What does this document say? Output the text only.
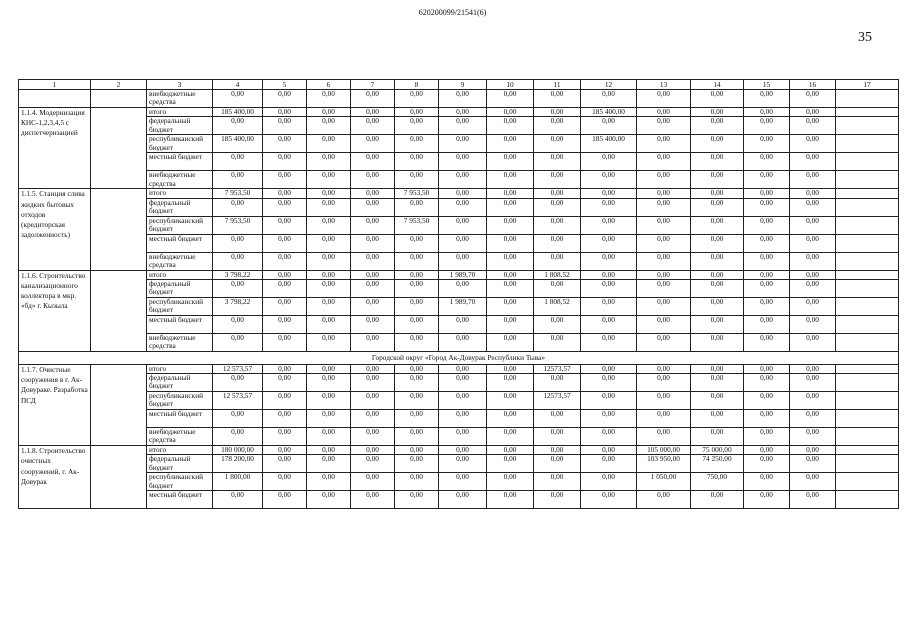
620200099/21541(6)
35
1	2	3	4	5	6	7	8	9	10	11	12	13	14	15	16	17
		внебюджетные средства	0,00	0,00	0,00	0,00	0,00	0,00	0,00	0,00	0,00	0,00	0,00	0,00	0,00	
1.1.4. Модернизация КНС-1,2,3,4,5 с диспетчеризацией		итого	185 400,00	0,00	0,00	0,00	0,00	0,00	0,00	0,00	185 400,00	0,00	0,00	0,00	0,00	
		федеральный бюджет	0,00	0,00	0,00	0,00	0,00	0,00	0,00	0,00	0,00	0,00	0,00	0,00	0,00	
		республиканский бюджет	185 400,00	0,00	0,00	0,00	0,00	0,00	0,00	0,00	185 400,00	0,00	0,00	0,00	0,00	
		местный бюджет	0,00	0,00	0,00	0,00	0,00	0,00	0,00	0,00	0,00	0,00	0,00	0,00	0,00	
		внебюджетные средства	0,00	0,00	0,00	0,00	0,00	0,00	0,00	0,00	0,00	0,00	0,00	0,00	0,00	
1.1.5. Станция слива жидких бытовых отходов (кредиторская задолженность)		итого	7 953,50	0,00	0,00	0,00	7 953,50	0,00	0,00	0,00	0,00	0,00	0,00	0,00	0,00	
		федеральный бюджет	0,00	0,00	0,00	0,00	0,00	0,00	0,00	0,00	0,00	0,00	0,00	0,00	0,00	
		республиканский бюджет	7 953,50	0,00	0,00	0,00	7 953,50	0,00	0,00	0,00	0,00	0,00	0,00	0,00	0,00	
		местный бюджет	0,00	0,00	0,00	0,00	0,00	0,00	0,00	0,00	0,00	0,00	0,00	0,00	0,00	
		внебюджетные средства	0,00	0,00	0,00	0,00	0,00	0,00	0,00	0,00	0,00	0,00	0,00	0,00	0,00	
1.1.6. Строительство канализационного коллектора в мкр. «бд» г. Кызыла		итого	3 798,22	0,00	0,00	0,00	0,00	1 989,70	0,00	1 808,52	0,00	0,00	0,00	0,00	0,00	
		федеральный бюджет	0,00	0,00	0,00	0,00	0,00	0,00	0,00	0,00	0,00	0,00	0,00	0,00	0,00	
		республиканский бюджет	3 798,22	0,00	0,00	0,00	0,00	1 989,70	0,00	1 808,52	0,00	0,00	0,00	0,00	0,00	
		местный бюджет	0,00	0,00	0,00	0,00	0,00	0,00	0,00	0,00	0,00	0,00	0,00	0,00	0,00	
		внебюджетные средства	0,00	0,00	0,00	0,00	0,00	0,00	0,00	0,00	0,00	0,00	0,00	0,00	0,00	
Городской округ «Город Ак-Довурак Республики Тыва»																
1.1.7. Очистные сооружения в г. Ак-Довураке. Разработка ПСД		итого	12 573,57	0,00	0,00	0,00	0,00	0,00	0,00	12573,57	0,00	0,00	0,00	0,00	0,00	
		федеральный бюджет	0,00	0,00	0,00	0,00	0,00	0,00	0,00	0,00	0,00	0,00	0,00	0,00	0,00	
		республиканский бюджет	12 573,57	0,00	0,00	0,00	0,00	0,00	0,00	12573,57	0,00	0,00	0,00	0,00	0,00	
		местный бюджет	0,00	0,00	0,00	0,00	0,00	0,00	0,00	0,00	0,00	0,00	0,00	0,00	0,00	
		внебюджетные средства	0,00	0,00	0,00	0,00	0,00	0,00	0,00	0,00	0,00	0,00	0,00	0,00	0,00	
1.1.8. Строительство очистных сооружений, г. Ак-Довурак		итого	180 000,00	0,00	0,00	0,00	0,00	0,00	0,00	0,00	0,00	105 000,00	75 000,00	0,00	0,00	
		федеральный бюджет	178 200,00	0,00	0,00	0,00	0,00	0,00	0,00	0,00	0,00	103 950,00	74 250,00	0,00	0,00	
		республиканский бюджет	1 800,00	0,00	0,00	0,00	0,00	0,00	0,00	0,00	0,00	1 050,00	750,00	0,00	0,00	
		местный бюджет	0,00	0,00	0,00	0,00	0,00	0,00	0,00	0,00	0,00	0,00	0,00	0,00	0,00	
